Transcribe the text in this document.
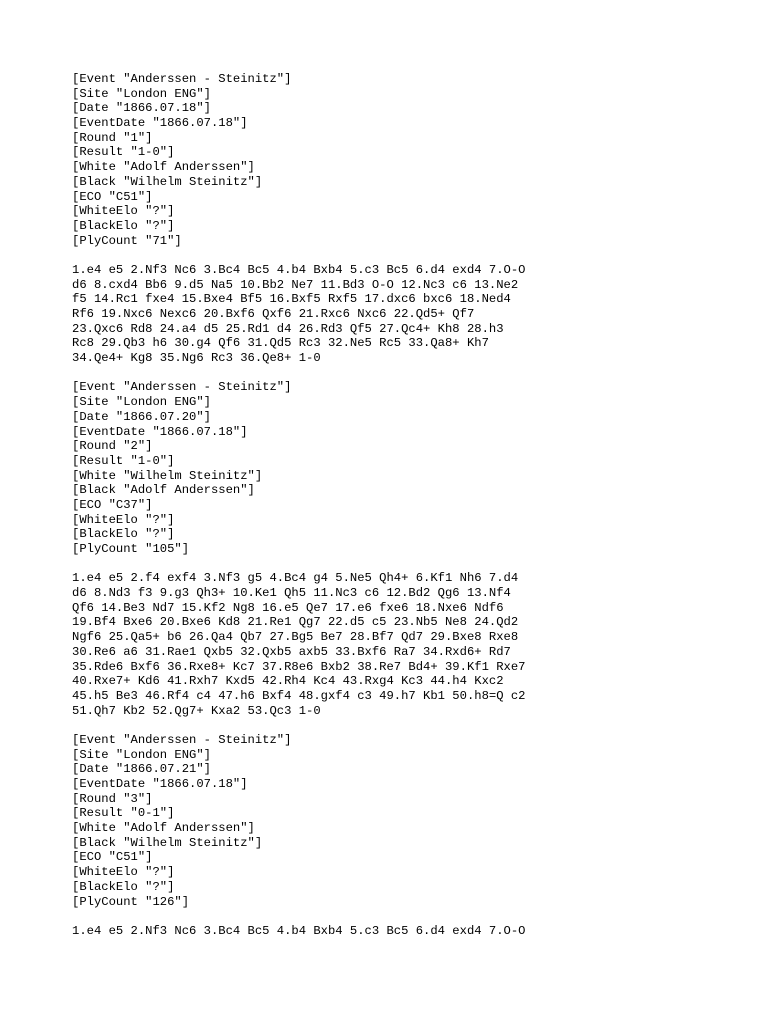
[Event "Anderssen - Steinitz"]
[Site "London ENG"]
[Date "1866.07.18"]
[EventDate "1866.07.18"]
[Round "1"]
[Result "1-0"]
[White "Adolf Anderssen"]
[Black "Wilhelm Steinitz"]
[ECO "C51"]
[WhiteElo "?"]
[BlackElo "?"]
[PlyCount "71"]
1.e4 e5 2.Nf3 Nc6 3.Bc4 Bc5 4.b4 Bxb4 5.c3 Bc5 6.d4 exd4 7.O-O
d6 8.cxd4 Bb6 9.d5 Na5 10.Bb2 Ne7 11.Bd3 O-O 12.Nc3 c6 13.Ne2
f5 14.Rc1 fxe4 15.Bxe4 Bf5 16.Bxf5 Rxf5 17.dxc6 bxc6 18.Ned4
Rf6 19.Nxc6 Nexc6 20.Bxf6 Qxf6 21.Rxc6 Nxc6 22.Qd5+ Qf7
23.Qxc6 Rd8 24.a4 d5 25.Rd1 d4 26.Rd3 Qf5 27.Qc4+ Kh8 28.h3
Rc8 29.Qb3 h6 30.g4 Qf6 31.Qd5 Rc3 32.Ne5 Rc5 33.Qa8+ Kh7
34.Qe4+ Kg8 35.Ng6 Rc3 36.Qe8+ 1-0
[Event "Anderssen - Steinitz"]
[Site "London ENG"]
[Date "1866.07.20"]
[EventDate "1866.07.18"]
[Round "2"]
[Result "1-0"]
[White "Wilhelm Steinitz"]
[Black "Adolf Anderssen"]
[ECO "C37"]
[WhiteElo "?"]
[BlackElo "?"]
[PlyCount "105"]
1.e4 e5 2.f4 exf4 3.Nf3 g5 4.Bc4 g4 5.Ne5 Qh4+ 6.Kf1 Nh6 7.d4
d6 8.Nd3 f3 9.g3 Qh3+ 10.Ke1 Qh5 11.Nc3 c6 12.Bd2 Qg6 13.Nf4
Qf6 14.Be3 Nd7 15.Kf2 Ng8 16.e5 Qe7 17.e6 fxe6 18.Nxe6 Ndf6
19.Bf4 Bxe6 20.Bxe6 Kd8 21.Re1 Qg7 22.d5 c5 23.Nb5 Ne8 24.Qd2
Ngf6 25.Qa5+ b6 26.Qa4 Qb7 27.Bg5 Be7 28.Bf7 Qd7 29.Bxe8 Rxe8
30.Re6 a6 31.Rae1 Qxb5 32.Qxb5 axb5 33.Bxf6 Ra7 34.Rxd6+ Rd7
35.Rde6 Bxf6 36.Rxe8+ Kc7 37.R8e6 Bxb2 38.Re7 Bd4+ 39.Kf1 Rxe7
40.Rxe7+ Kd6 41.Rxh7 Kxd5 42.Rh4 Kc4 43.Rxg4 Kc3 44.h4 Kxc2
45.h5 Be3 46.Rf4 c4 47.h6 Bxf4 48.gxf4 c3 49.h7 Kb1 50.h8=Q c2
51.Qh7 Kb2 52.Qg7+ Kxa2 53.Qc3 1-0
[Event "Anderssen - Steinitz"]
[Site "London ENG"]
[Date "1866.07.21"]
[EventDate "1866.07.18"]
[Round "3"]
[Result "0-1"]
[White "Adolf Anderssen"]
[Black "Wilhelm Steinitz"]
[ECO "C51"]
[WhiteElo "?"]
[BlackElo "?"]
[PlyCount "126"]
1.e4 e5 2.Nf3 Nc6 3.Bc4 Bc5 4.b4 Bxb4 5.c3 Bc5 6.d4 exd4 7.O-O
